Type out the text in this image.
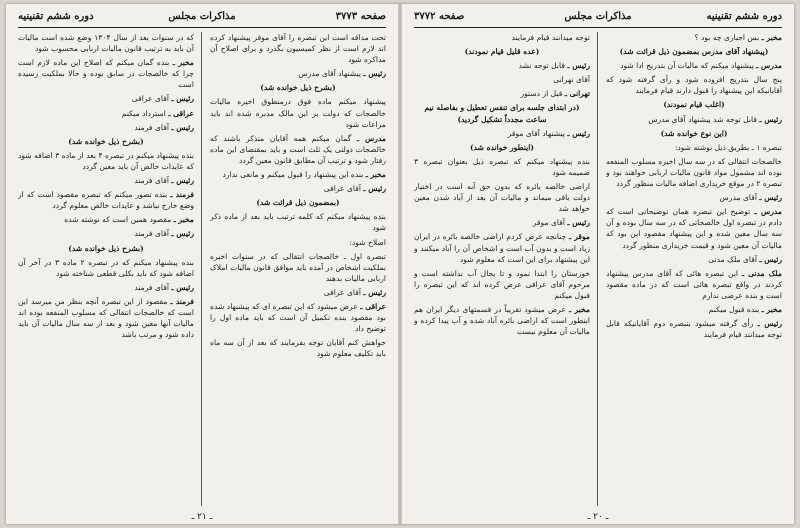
صفحه ۳۷۷۳
مذاکرات مجلس
دوره ششم تقنینیه

تحت مداقه است این تبصره را آقای موقر پیشنهاد کرده اند لازم است از نظر کمیسیون بگذرد و برای اصلاح آن مذاکره شود

رئیس ـ پیشنهاد آقای مدرس

(بشرح ذیل خوانده شد)

پیشنهاد میکنم ماده فوق درمنطوق اخیره مالیات خالصجات که دولت بر این مالک مدبره شده اند باید مراعات شود

مدرس ـ گمان میکنم همه آقایان متذکر باشند که خالصجات دولتی یک ثلث است و باید بمقتضای این ماده رفتار شود و ترتیب آن مطابق قانون معین گردد

مخبر ـ بنده این پیشنهاد را قبول میکنم و مانعی ندارد

رئیس ـ آقای عراقی

(بمضمون ذیل قرائت شد)

بنده پیشنهاد میکنم که کلمه ترتیب باید بعد از ماده ذکر شود

اصلاح شود:

تبصره اول ـ خالصجات انتقالی که در سنوات اخیره بملکیت اشخاص در آمده باید موافق قانون مالیات املاک اربابی مالیات بدهند

رئیس ـ آقای عراقی

عراقی ـ عرض میشود که این تبصره ای که پیشنهاد شده بود مقصود بنده تکمیل آن است که باید ماده اول را توضیح داد

خواهش کنم آقایان توجه بفرمایند که بعد از آن سه ماه باید تکلیف معلوم شود

که در سنوات بعد از سال ۱۳۰۴ وضع شده است مالیات آن باید به ترتیب قانون مالیات اربابی محسوب شود

مخبر ـ بنده گمان میکنم که اصلاح این ماده لازم است چرا که خالصجات در سابق بوده و حالا بملکیت رسیده است

رئیس ـ آقای عراقی

عراقی ـ استرداد میکنم

رئیس ـ آقای فرمند

(بشرح ذیل خوانده شد)

بنده پیشنهاد میکنم در تبصره ۴ بعد از ماده ۳ اضافه شود که عایدات خالص آن باید معین گردد

رئیس ـ آقای فرمند

فرمند ـ بنده تصور میکنم که تبصره مقصود است که از وضع خارج نباشد و عایدات خالص معلوم گردد

مخبر ـ مقصود همین است که نوشته شده

رئیس ـ آقای فرمند

(بشرح ذیل خوانده شد)

بنده پیشنهاد میکنم که در تبصره ۲ ماده ۳ در آخر آن اضافه شود که باید بکلی قطعی شناخته شود

رئیس ـ آقای فرمند

فرمند ـ مقصود از این تبصره آنچه بنظر من میرسد این است که خالصجات انتقالی که مسلوب المنفعه بوده اند مالیات آنها معین شود و بعد از سه سال مالیات آن باید داده شود و مرتب باشد

ـ ۲۱ ـ
دوره ششم تقنینیه
مذاکرات مجلس
صفحه ۳۷۷۲

مخبر ـ بس اجبارى چه بود ؟

(پیشنهاد آقای مدرس بمضمون ذیل قرائت شد)

مدرس ـ پیشنهاد میکنم که مالیات آن بتدریج ادا شود

پنج سال بتدریج افزوده شود و رأی گرفته شود که آقایانیکه این پیشنهاد را قبول دارند قیام فرمایند

(اغلب قیام نمودند)

رئیس ـ قابل توجه شد پیشنهاد آقای مدرس

(این نوع خوانده شد)

تبصره ۱ ـ بطریق ذیل نوشته شود:

خالصجات انتقالی که در سه سال اخیره مسلوب المنفعه بوده اند مشمول مواد قانون مالیات اربابی خواهند بود و تبصره ۲ در موقع خریداری اضافه مالیات منظور گردد

رئیس ـ آقای مدرس

مدرس ـ توضیح این تبصره همان توضیحاتی است که دادم در تبصره اول خالصجاتی که در سه سال بوده و آن سه سال معین شده و این پیشنهاد مقصود این بود که مالیات آن معین شود و قیمت خریداری منظور گردد

رئیس ـ آقای ملک مدنی

ملک مدنی ـ این تبصره هائی که آقای مدرس پیشنهاد کردند در واقع تبصره هائی است که در ماده مقصود است و بنده عرضی ندارم

مخبر ـ بنده قبول میکنم

رئیس ـ رأی گرفته میشود بتبصره دوم آقایانیکه قابل توجه میدانند قیام فرمایند

توجه میدانند قیام فرمایند

(عده قلیل قیام نمودند)

رئیس ـ قابل توجه نشد

آقای تهرانی

تهرانی ـ قبل از دستور

(در ابتدای جلسه برای تنفس تعطیل و بفاصله نیم ساعت مجدداً تشکیل گردید)

رئیس ـ پیشنهاد آقای موقر

(اینطور خوانده شد)

بنده پیشنهاد میکنم که تبصره ذیل بعنوان تبصره ۳ ضمیمه شود

اراضی خالصه بائره که بدون حق آبه است در اختیار دولت باقی میماند و مالیات آن بعد از آباد شدن معین خواهد شد

رئیس ـ آقای موقر

موقر ـ چنانچه عرض کردم اراضی خالصه بائره در ایران زیاد است و بدون آب است و اشخاص آن را آباد میکنند و این پیشنهاد برای این است که معلوم شود

خوزستان را ابتدا نمود و تا بحال آب نداشته است و مرحوم آقای عراقی عرض کرده اند که این تبصره را قبول میکنم

مخبر ـ عرض میشود تقریباً در قسمتهای دیگر ایران هم اینطور است که اراضی بائره آباد شده و آب پیدا کرده و مالیات آن معلوم نیست

ـ ۲۰ ـ
